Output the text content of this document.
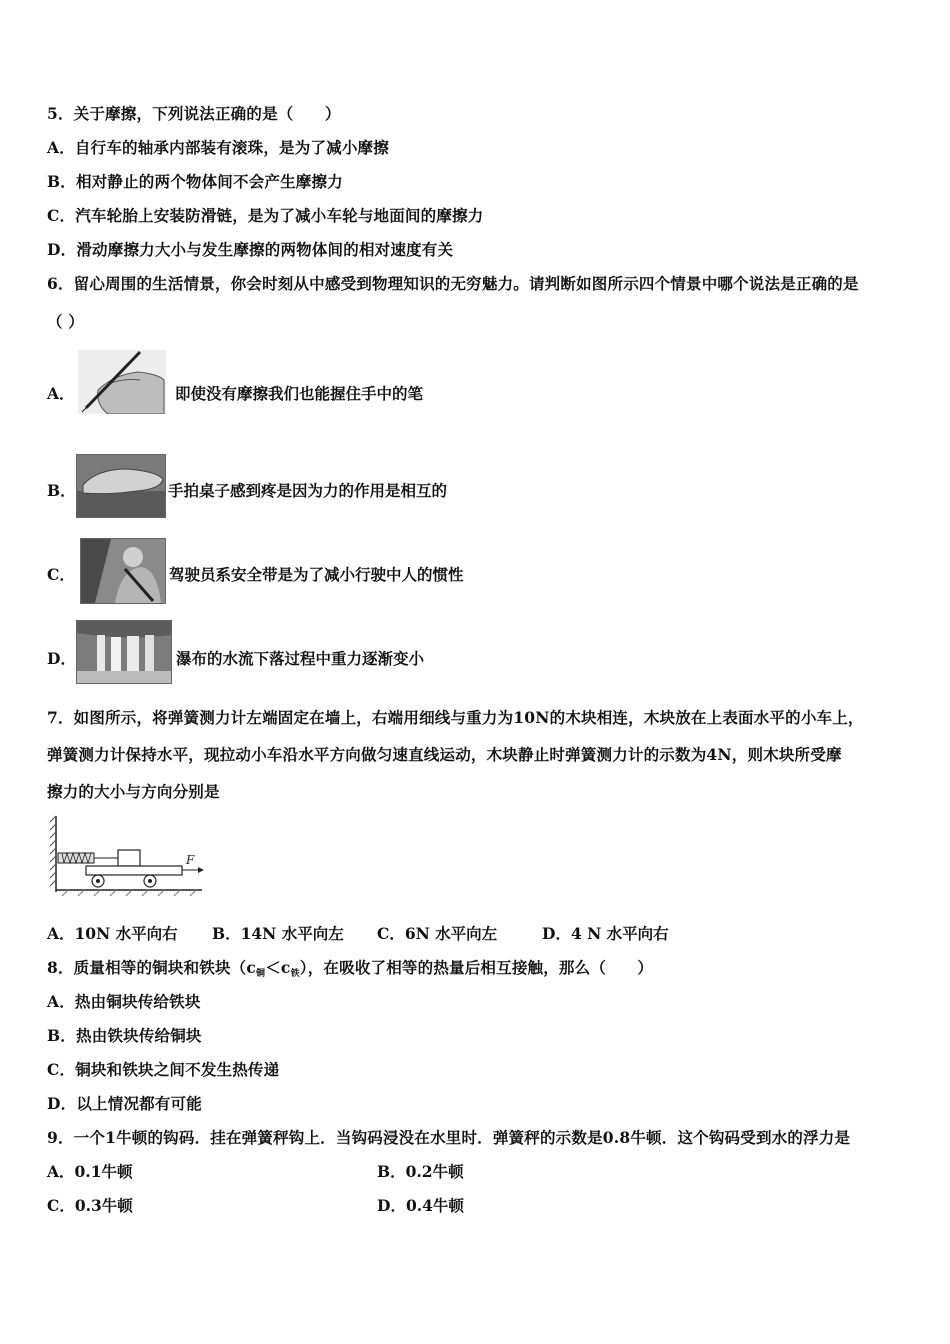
5．关于摩擦，下列说法正确的是（　　）
A．自行车的轴承内部装有滚珠，是为了减小摩擦
B．相对静止的两个物体间不会产生摩擦力
C．汽车轮胎上安装防滑链，是为了减小车轮与地面间的摩擦力
D．滑动摩擦力大小与发生摩擦的两物体间的相对速度有关
6．留心周围的生活情景，你会时刻从中感受到物理知识的无穷魅力。请判断如图所示四个情景中哪个说法是正确的是
（ ）
A．	即使没有摩擦我们也能握住手中的笔
B．	手拍桌子感到疼是因为力的作用是相互的
C．	驾驶员系安全带是为了减小行驶中人的惯性
D．	瀑布的水流下落过程中重力逐渐变小
7．如图所示，将弹簧测力计左端固定在墙上，右端用细线与重力为10N的木块相连，木块放在上表面水平的小车上，
弹簧测力计保持水平，现拉动小车沿水平方向做匀速直线运动，木块静止时弹簧测力计的示数为4N，则木块所受摩
擦力的大小与方向分别是
F
A．10N 水平向右 B．14N 水平向左 C．6N 水平向左	D．4 N 水平向右
8．质量相等的铜块和铁块$(c_铜<c_铁)$，在吸收了相等的热量后相互接触，那么（　　）
A．热由铜块传给铁块
B．热由铁块传给铜块
C．铜块和铁块之间不发生热传递
D．以上情况都有可能
9．一个1牛顿的钩码．挂在弹簧秤钩上．当钩码浸没在水里时．弹簧秤的示数是0.8牛顿．这个钩码受到水的浮力是
A．0.1牛顿	B．0.2牛顿
C．0.3牛顿	D．0.4牛顿
